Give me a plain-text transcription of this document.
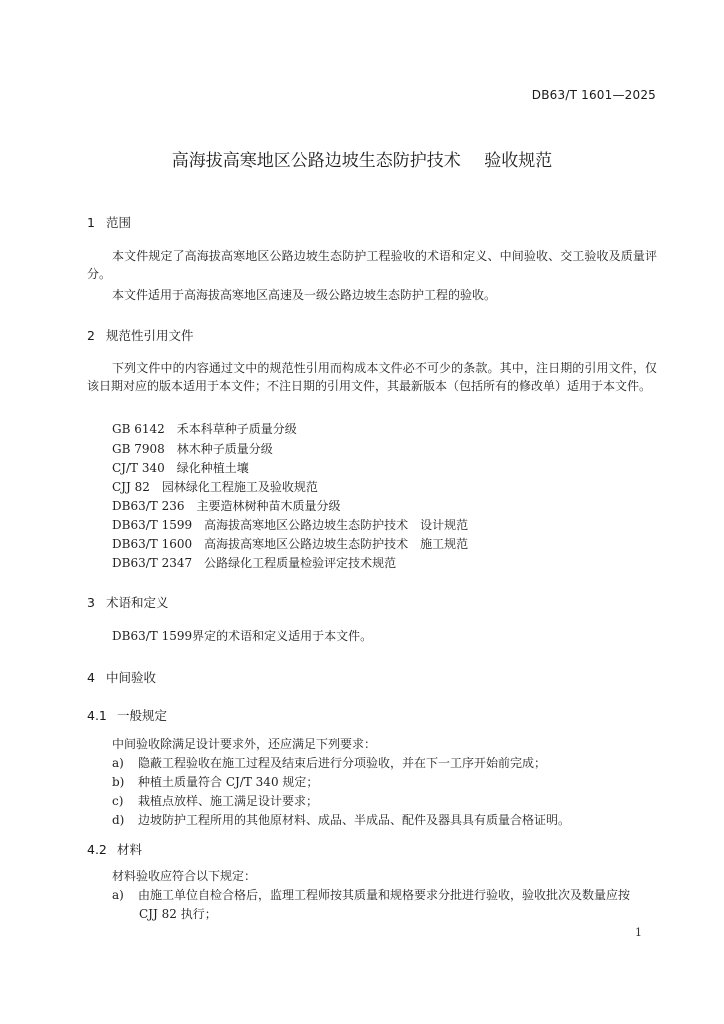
DB63/T 1601—2025
高海拔高寒地区公路边坡生态防护技术 验收规范
1 范围
本文件规定了高海拔高寒地区公路边坡生态防护工程验收的术语和定义、中间验收、交工验收及质量评分。
本文件适用于高海拔高寒地区高速及一级公路边坡生态防护工程的验收。
2 规范性引用文件
下列文件中的内容通过文中的规范性引用而构成本文件必不可少的条款。其中，注日期的引用文件，仅该日期对应的版本适用于本文件；不注日期的引用文件，其最新版本（包括所有的修改单）适用于本文件。
GB 6142　禾本科草种子质量分级
GB 7908　林木种子质量分级
CJ/T 340　绿化种植土壤
CJJ 82　园林绿化工程施工及验收规范
DB63/T 236　主要造林树种苗木质量分级
DB63/T 1599　高海拔高寒地区公路边坡生态防护技术　设计规范
DB63/T 1600　高海拔高寒地区公路边坡生态防护技术　施工规范
DB63/T 2347　公路绿化工程质量检验评定技术规范
3 术语和定义
DB63/T 1599界定的术语和定义适用于本文件。
4 中间验收
4.1 一般规定
中间验收除满足设计要求外，还应满足下列要求：
a) 隐蔽工程验收在施工过程及结束后进行分项验收，并在下一工序开始前完成；
b) 种植土质量符合 CJ/T 340 规定；
c) 栽植点放样、施工满足设计要求；
d) 边坡防护工程所用的其他原材料、成品、半成品、配件及器具具有质量合格证明。
4.2 材料
材料验收应符合以下规定：
a) 由施工单位自检合格后，监理工程师按其质量和规格要求分批进行验收，验收批次及数量应按
CJJ 82 执行；
1
